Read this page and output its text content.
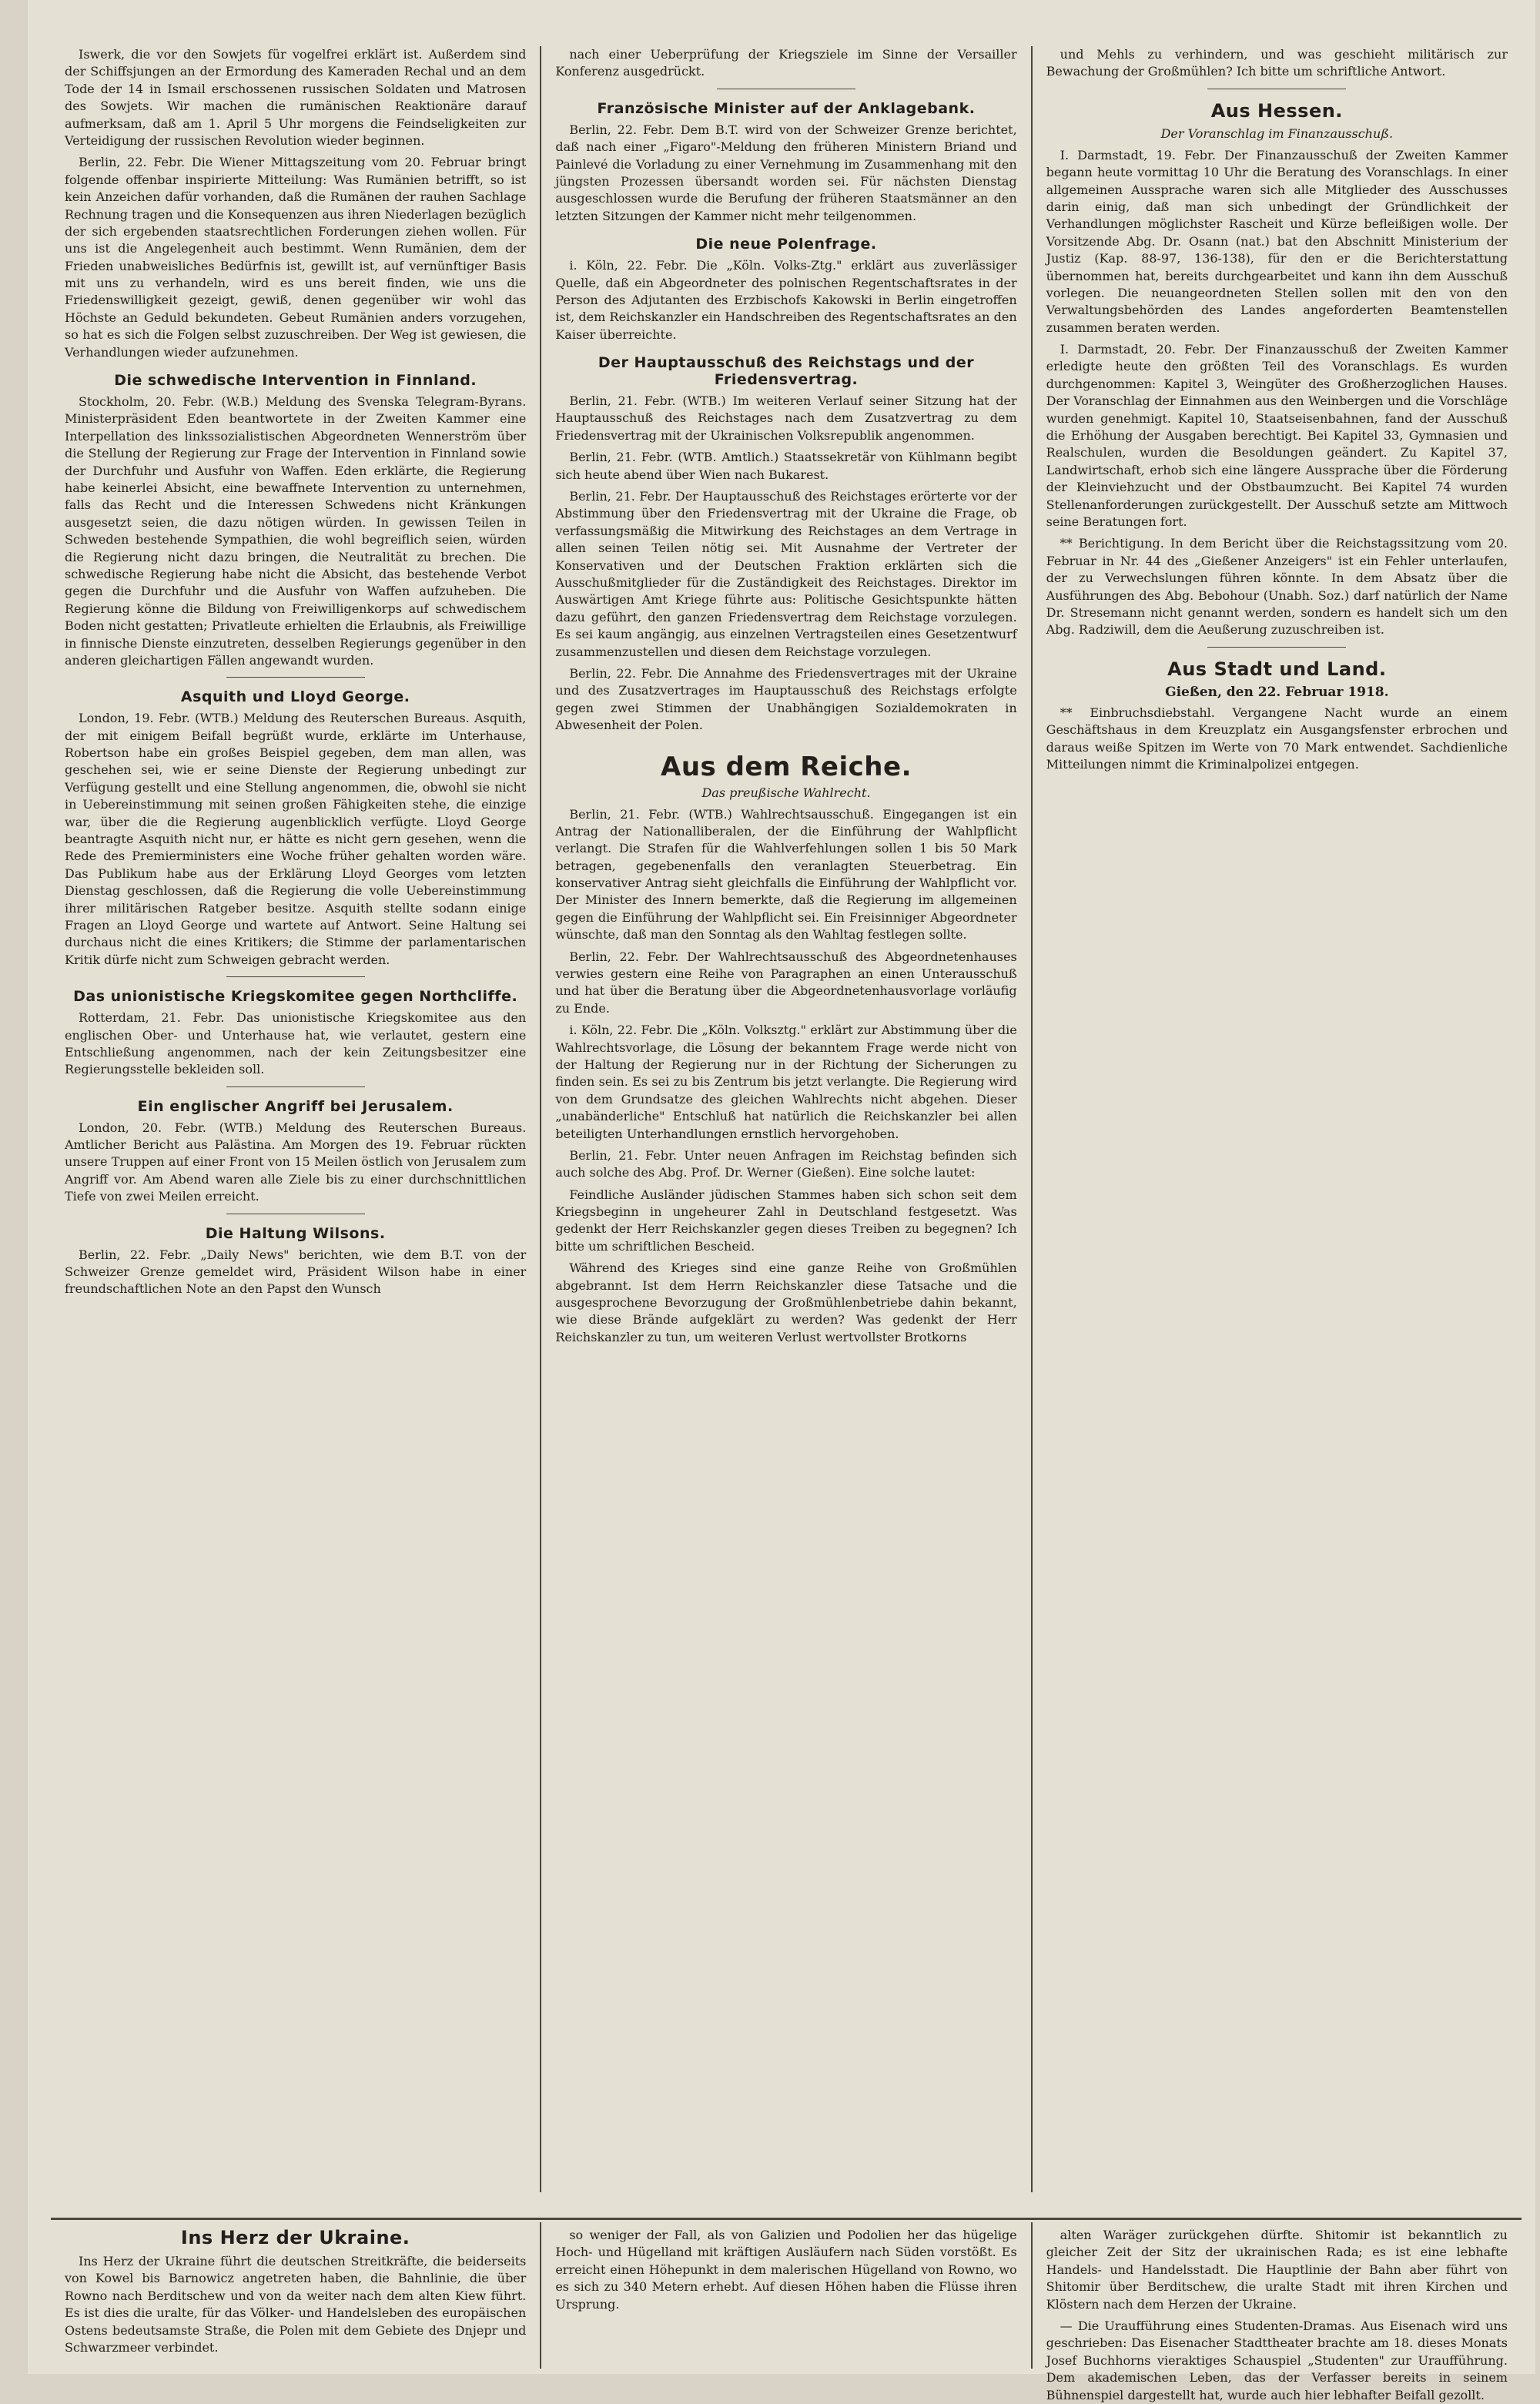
Iswerk, die vor den Sowjets für vogelfrei erklärt ist. Außerdem sind der Schiffsjungen an der Ermordung des Kameraden Rechal und an dem Tode der 14 in Ismail erschossenen russischen Soldaten und Matrosen des Sowjets. Wir machen die rumänischen Reaktionäre darauf aufmerksam, daß am 1. April 5 Uhr morgens die Feindseligkeiten zur Verteidigung der russischen Revolution wieder beginnen.

Berlin, 22. Febr. Die Wiener Mittagszeitung vom 20. Februar bringt folgende offenbar inspirierte Mitteilung: Was Rumänien betrifft, so ist kein Anzeichen dafür vorhanden, daß die Rumänen der rauhen Sachlage Rechnung tragen und die Konsequenzen aus ihren Niederlagen bezüglich der sich ergebenden staatsrechtlichen Forderungen ziehen wollen. Für uns ist die Angelegenheit auch bestimmt. Wenn Rumänien, dem der Frieden unabweisliches Bedürfnis ist, gewillt ist, auf vernünftiger Basis mit uns zu verhandeln, wird es uns bereit finden, wie uns die Friedenswilligkeit gezeigt, gewiß, denen gegenüber wir wohl das Höchste an Geduld bekundeten. Gebeut Rumänien anders vorzugehen, so hat es sich die Folgen selbst zuzuschreiben. Der Weg ist gewiesen, die Verhandlungen wieder aufzunehmen.

Die schwedische Intervention in Finnland.

Stockholm, 20. Febr. (W.B.) Meldung des Svenska Telegram-Byrans. Ministerpräsident Eden beantwortete in der Zweiten Kammer eine Interpellation des linkssozialistischen Abgeordneten Wennerström über die Stellung der Regierung zur Frage der Intervention in Finnland sowie der Durchfuhr und Ausfuhr von Waffen. Eden erklärte, die Regierung habe keinerlei Absicht, eine bewaffnete Intervention zu unternehmen, falls das Recht und die Interessen Schwedens nicht Kränkungen ausgesetzt seien, die dazu nötigen würden. In gewissen Teilen in Schweden bestehende Sympathien, die wohl begreiflich seien, würden die Regierung nicht dazu bringen, die Neutralität zu brechen. Die schwedische Regierung habe nicht die Absicht, das bestehende Verbot gegen die Durchfuhr und die Ausfuhr von Waffen aufzuheben. Die Regierung könne die Bildung von Freiwilligenkorps auf schwedischem Boden nicht gestatten; Privatleute erhielten die Erlaubnis, als Freiwillige in finnische Dienste einzutreten, desselben Regierungs gegenüber in den anderen gleichartigen Fällen angewandt wurden.

Asquith und Lloyd George.

London, 19. Febr. (WTB.) Meldung des Reuterschen Bureaus. Asquith, der mit einigem Beifall begrüßt wurde, erklärte im Unterhause, Robertson habe ein großes Beispiel gegeben, dem man allen, was geschehen sei, wie er seine Dienste der Regierung unbedingt zur Verfügung gestellt und eine Stellung angenommen, die, obwohl sie nicht in Uebereinstimmung mit seinen großen Fähigkeiten stehe, die einzige war, über die die Regierung augenblicklich verfügte. Lloyd George beantragte Asquith nicht nur, er hätte es nicht gern gesehen, wenn die Rede des Premierministers eine Woche früher gehalten worden wäre. Das Publikum habe aus der Erklärung Lloyd Georges vom letzten Dienstag geschlossen, daß die Regierung die volle Uebereinstimmung ihrer militärischen Ratgeber besitze. Asquith stellte sodann einige Fragen an Lloyd George und wartete auf Antwort. Seine Haltung sei durchaus nicht die eines Kritikers; die Stimme der parlamentarischen Kritik dürfe nicht zum Schweigen gebracht werden.

Das unionistische Kriegskomitee gegen Northcliffe.

Rotterdam, 21. Febr. Das unionistische Kriegskomitee aus den englischen Ober- und Unterhause hat, wie verlautet, gestern eine Entschließung angenommen, nach der kein Zeitungsbesitzer eine Regierungsstelle bekleiden soll.

Ein englischer Angriff bei Jerusalem.

London, 20. Febr. (WTB.) Meldung des Reuterschen Bureaus. Amtlicher Bericht aus Palästina. Am Morgen des 19. Februar rückten unsere Truppen auf einer Front von 15 Meilen östlich von Jerusalem zum Angriff vor. Am Abend waren alle Ziele bis zu einer durchschnittlichen Tiefe von zwei Meilen erreicht.

Die Haltung Wilsons.

Berlin, 22. Febr. „Daily News" berichten, wie dem B.T. von der Schweizer Grenze gemeldet wird, Präsident Wilson habe in einer freundschaftlichen Note an den Papst den Wunsch

nach einer Ueberprüfung der Kriegsziele im Sinne der Versailler Konferenz ausgedrückt.

Französische Minister auf der Anklagebank.

Berlin, 22. Febr. Dem B.T. wird von der Schweizer Grenze berichtet, daß nach einer „Figaro"-Meldung den früheren Ministern Briand und Painlevé die Vorladung zu einer Vernehmung im Zusammenhang mit den jüngsten Prozessen übersandt worden sei. Für nächsten Dienstag ausgeschlossen wurde die Berufung der früheren Staatsmänner an den letzten Sitzungen der Kammer nicht mehr teilgenommen.

Die neue Polenfrage.

i. Köln, 22. Febr. Die „Köln. Volks-Ztg." erklärt aus zuverlässiger Quelle, daß ein Abgeordneter des polnischen Regentschaftsrates in der Person des Adjutanten des Erzbischofs Kakowski in Berlin eingetroffen ist, dem Reichskanzler ein Handschreiben des Regentschaftsrates an den Kaiser überreichte.

Der Hauptausschuß des Reichstags und der Friedensvertrag.

Berlin, 21. Febr. (WTB.) Im weiteren Verlauf seiner Sitzung hat der Hauptausschuß des Reichstages nach dem Zusatzvertrag zu dem Friedensvertrag mit der Ukrainischen Volksrepublik angenommen.

Berlin, 21. Febr. (WTB. Amtlich.) Staatssekretär von Kühlmann begibt sich heute abend über Wien nach Bukarest.

Berlin, 21. Febr. Der Hauptausschuß des Reichstages erörterte vor der Abstimmung über den Friedensvertrag mit der Ukraine die Frage, ob verfassungsmäßig die Mitwirkung des Reichstages an dem Vertrage in allen seinen Teilen nötig sei. Mit Ausnahme der Vertreter der Konservativen und der Deutschen Fraktion erklärten sich die Ausschußmitglieder für die Zuständigkeit des Reichstages. Direktor im Auswärtigen Amt Kriege führte aus: Politische Gesichtspunkte hätten dazu geführt, den ganzen Friedensvertrag dem Reichstage vorzulegen. Es sei kaum angängig, aus einzelnen Vertragsteilen eines Gesetzentwurf zusammenzustellen und diesen dem Reichstage vorzulegen.

Berlin, 22. Febr. Die Annahme des Friedensvertrages mit der Ukraine und des Zusatzvertrages im Hauptausschuß des Reichstags erfolgte gegen zwei Stimmen der Unabhängigen Sozialdemokraten in Abwesenheit der Polen.

Aus dem Reiche.
Das preußische Wahlrecht.

Berlin, 21. Febr. (WTB.) Wahlrechtsausschuß. Eingegangen ist ein Antrag der Nationalliberalen, der die Einführung der Wahlpflicht verlangt. Die Strafen für die Wahlverfehlungen sollen 1 bis 50 Mark betragen, gegebenenfalls den veranlagten Steuerbetrag. Ein konservativer Antrag sieht gleichfalls die Einführung der Wahlpflicht vor. Der Minister des Innern bemerkte, daß die Regierung im allgemeinen gegen die Einführung der Wahlpflicht sei. Ein Freisinniger Abgeordneter wünschte, daß man den Sonntag als den Wahltag festlegen sollte.

Berlin, 22. Febr. Der Wahlrechtsausschuß des Abgeordnetenhauses verwies gestern eine Reihe von Paragraphen an einen Unterausschuß und hat über die Beratung über die Abgeordnetenhausvorlage vorläufig zu Ende.

i. Köln, 22. Febr. Die „Köln. Volksztg." erklärt zur Abstimmung über die Wahlrechtsvorlage, die Lösung der bekanntem Frage werde nicht von der Haltung der Regierung nur in der Richtung der Sicherungen zu finden sein. Es sei zu bis Zentrum bis jetzt verlangte. Die Regierung wird von dem Grundsatze des gleichen Wahlrechts nicht abgehen. Dieser „unabänderliche" Entschluß hat natürlich die Reichskanzler bei allen beteiligten Unterhandlungen ernstlich hervorgehoben.

Berlin, 21. Febr. Unter neuen Anfragen im Reichstag befinden sich auch solche des Abg. Prof. Dr. Werner (Gießen). Eine solche lautet:

Feindliche Ausländer jüdischen Stammes haben sich schon seit dem Kriegsbeginn in ungeheurer Zahl in Deutschland festgesetzt. Was gedenkt der Herr Reichskanzler gegen dieses Treiben zu begegnen? Ich bitte um schriftlichen Bescheid.

Während des Krieges sind eine ganze Reihe von Großmühlen abgebrannt. Ist dem Herrn Reichskanzler diese Tatsache und die ausgesprochene Bevorzugung der Großmühlenbetriebe dahin bekannt, wie diese Brände aufgeklärt zu werden? Was gedenkt der Herr Reichskanzler zu tun, um weiteren Verlust wertvollster Brotkorns

und Mehls zu verhindern, und was geschieht militärisch zur Bewachung der Großmühlen? Ich bitte um schriftliche Antwort.

Aus Hessen.
Der Voranschlag im Finanzausschuß.

I. Darmstadt, 19. Febr. Der Finanzausschuß der Zweiten Kammer begann heute vormittag 10 Uhr die Beratung des Voranschlags. In einer allgemeinen Aussprache waren sich alle Mitglieder des Ausschusses darin einig, daß man sich unbedingt der Gründlichkeit der Verhandlungen möglichster Rascheit und Kürze befleißigen wolle. Der Vorsitzende Abg. Dr. Osann (nat.) bat den Abschnitt Ministerium der Justiz (Kap. 88-97, 136-138), für den er die Berichterstattung übernommen hat, bereits durchgearbeitet und kann ihn dem Ausschuß vorlegen. Die neuangeordneten Stellen sollen mit den von den Verwaltungsbehörden des Landes angeforderten Beamtenstellen zusammen beraten werden.

I. Darmstadt, 20. Febr. Der Finanzausschuß der Zweiten Kammer erledigte heute den größten Teil des Voranschlags. Es wurden durchgenommen: Kapitel 3, Weingüter des Großherzoglichen Hauses. Der Voranschlag der Einnahmen aus den Weinbergen und die Vorschläge wurden genehmigt. Kapitel 10, Staatseisenbahnen, fand der Ausschuß die Erhöhung der Ausgaben berechtigt. Bei Kapitel 33, Gymnasien und Realschulen, wurden die Besoldungen geändert. Zu Kapitel 37, Landwirtschaft, erhob sich eine längere Aussprache über die Förderung der Kleinviehzucht und der Obstbaumzucht. Bei Kapitel 74 wurden Stellenanforderungen zurückgestellt. Der Ausschuß setzte am Mittwoch seine Beratungen fort.

** Berichtigung. In dem Bericht über die Reichstagssitzung vom 20. Februar in Nr. 44 des „Gießener Anzeigers" ist ein Fehler unterlaufen, der zu Verwechslungen führen könnte. In dem Absatz über die Ausführungen des Abg. Bebohour (Unabh. Soz.) darf natürlich der Name Dr. Stresemann nicht genannt werden, sondern es handelt sich um den Abg. Radziwill, dem die Aeußerung zuzuschreiben ist.

Aus Stadt und Land.
Gießen, den 22. Februar 1918.

** Einbruchsdiebstahl. Vergangene Nacht wurde an einem Geschäftshaus in dem Kreuzplatz ein Ausgangsfenster erbrochen und daraus weiße Spitzen im Werte von 70 Mark entwendet. Sachdienliche Mitteilungen nimmt die Kriminalpolizei entgegen.

Ins Herz der Ukraine.

Ins Herz der Ukraine führt die deutschen Streitkräfte, die beiderseits von Kowel bis Barnowicz angetreten haben, die Bahnlinie, die über Rowno nach Berditschew und von da weiter nach dem alten Kiew führt. Es ist dies die uralte, für das Völker- und Handelsleben des europäischen Ostens bedeutsamste Straße, die Polen mit dem Gebiete des Dnjepr und Schwarzmeer verbindet.

so weniger der Fall, als von Galizien und Podolien her das hügelige Hoch- und Hügelland mit kräftigen Ausläufern nach Süden vorstößt. Es erreicht einen Höhepunkt in dem malerischen Hügelland von Rowno, wo es sich zu 340 Metern erhebt. Auf diesen Höhen haben die Flüsse ihren Ursprung.

alten Waräger zurückgehen dürfte. Shitomir ist bekanntlich zu gleicher Zeit der Sitz der ukrainischen Rada; es ist eine lebhafte Handels- und Handelsstadt. Die Hauptlinie der Bahn aber führt von Shitomir über Berditschew, die uralte Stadt mit ihren Kirchen und Klöstern nach dem Herzen der Ukraine.

— Die Uraufführung eines Studenten-Dramas. Aus Eisenach wird uns geschrieben: Das Eisenacher Stadttheater brachte am 18. dieses Monats Josef Buchhorns vieraktiges Schauspiel „Studenten" zur Uraufführung. Dem akademischen Leben, das der Verfasser bereits in seinem Bühnenspiel dargestellt hat, wurde auch hier lebhafter Beifall gezollt.
